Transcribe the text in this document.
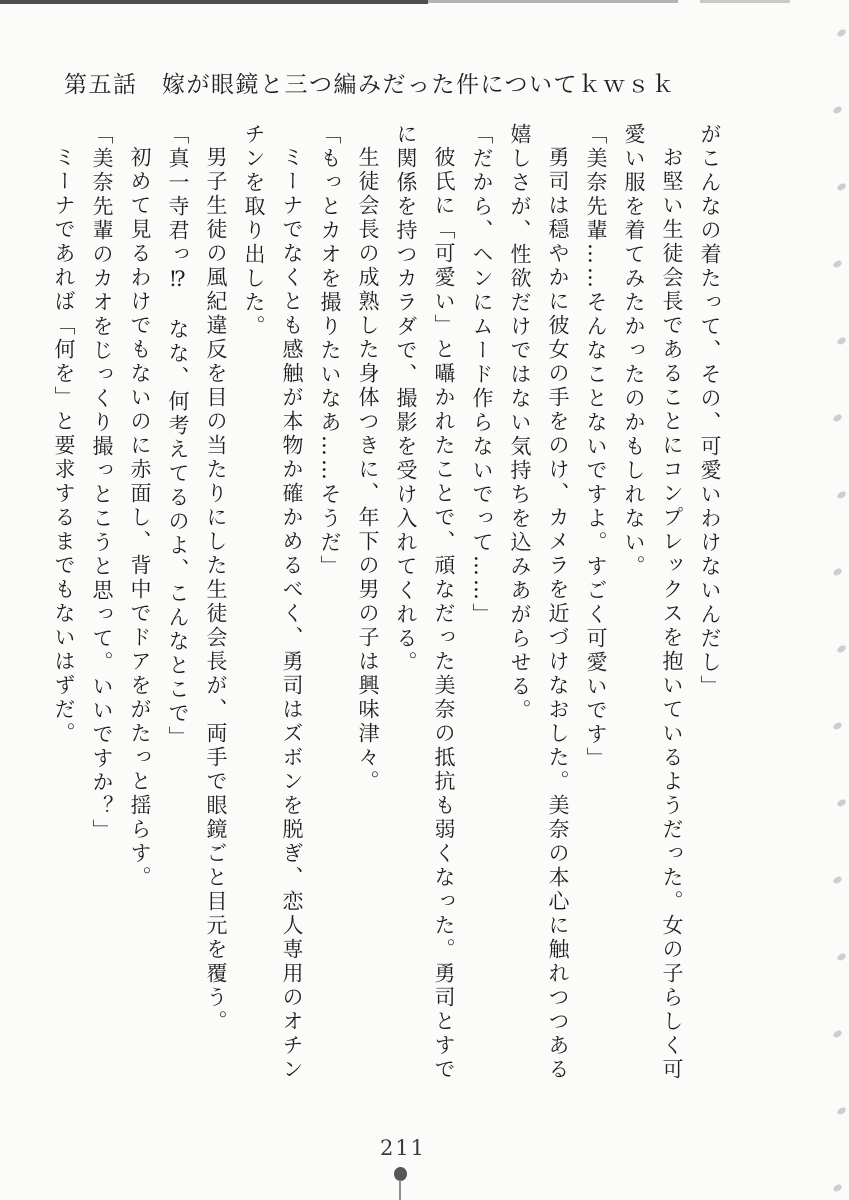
第五話　嫁が眼鏡と三つ編みだった件についてｋｗｓｋ
がこんなの着たって、その、可愛いわけないんだし」
お堅い生徒会長であることにコンプレックスを抱いているようだった。女の子らしく可
愛い服を着てみたかったのかもしれない。
「美奈先輩……そんなことないですよ。すごく可愛いです」
勇司は穏やかに彼女の手をのけ、カメラを近づけなおした。美奈の本心に触れつつある
嬉しさが、性欲だけではない気持ちを込みあがらせる。
「だから、ヘンにムード作らないでって……」
彼氏に「可愛い」と囁かれたことで、頑なだった美奈の抵抗も弱くなった。勇司とすで
に関係を持つカラダで、撮影を受け入れてくれる。
生徒会長の成熟した身体つきに、年下の男の子は興味津々。
「もっとカオを撮りたいなあ……そうだ」
ミーナでなくとも感触が本物か確かめるべく、勇司はズボンを脱ぎ、恋人専用のオチン
チンを取り出した。
男子生徒の風紀違反を目の当たりにした生徒会長が、両手で眼鏡ごと目元を覆う。
「真一寺君っ⁉　なな、何考えてるのよ、こんなとこで」
初めて見るわけでもないのに赤面し、背中でドアをがたっと揺らす。
「美奈先輩のカオをじっくり撮っとこうと思って。いいですか？」
ミーナであれば「何を」と要求するまでもないはずだ。
211
